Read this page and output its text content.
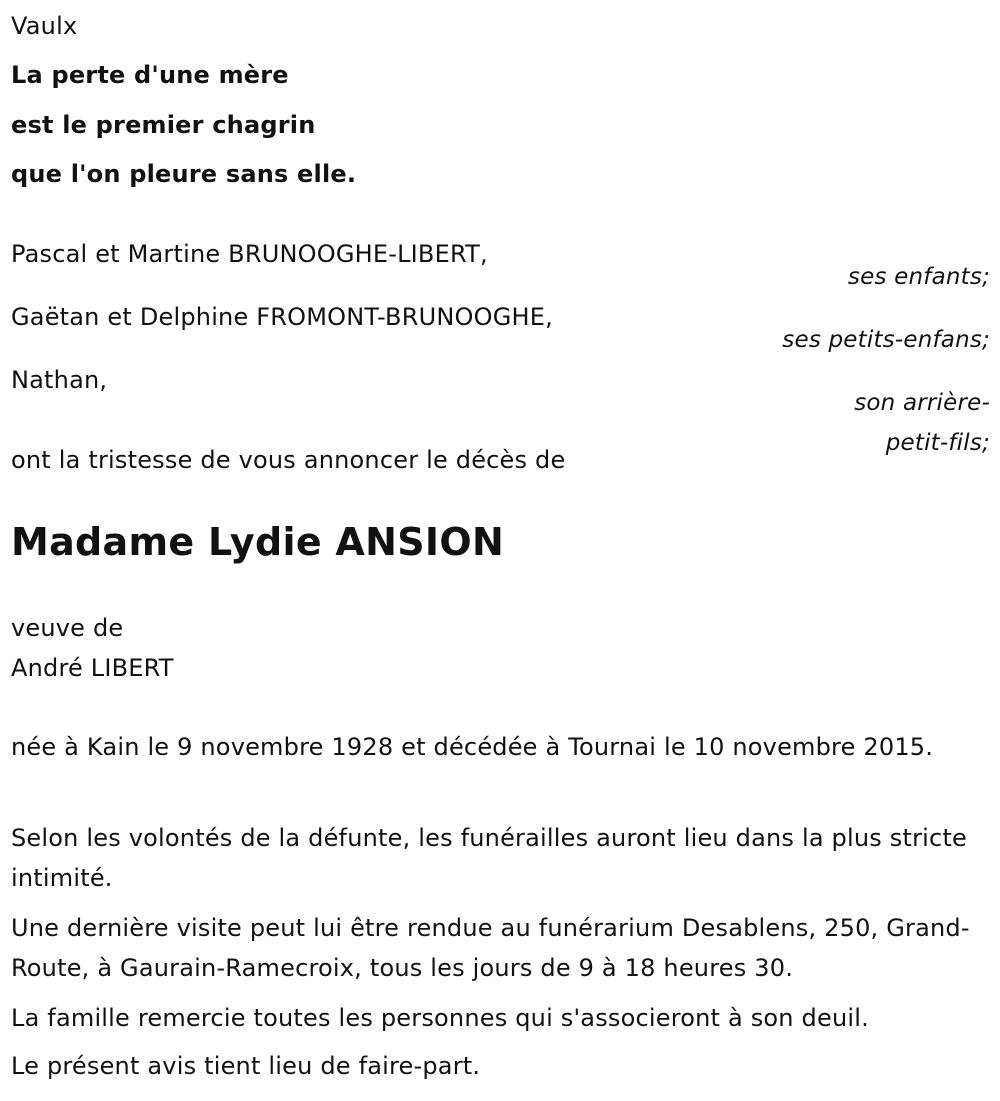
Vaulx

La perte d'une mère

est le premier chagrin

que l'on pleure sans elle.

Pascal et Martine BRUNOOGHE-LIBERT,

ses enfants;

Gaëtan et Delphine FROMONT-BRUNOOGHE,

ses petits-enfans;

Nathan,

son arrière-

petit-fils;

ont la tristesse de vous annoncer le décès de

Madame Lydie ANSION

veuve de

André LIBERT

née à Kain le 9 novembre 1928 et décédée à Tournai le 10 novembre 2015.

Selon les volontés de la défunte, les funérailles auront lieu dans la plus stricte intimité.

Une dernière visite peut lui être rendue au funérarium Desablens, 250, Grand-Route, à Gaurain-Ramecroix, tous les jours de 9 à 18 heures 30.

La famille remercie toutes les personnes qui s'associeront à son deuil.

Le présent avis tient lieu de faire-part.
